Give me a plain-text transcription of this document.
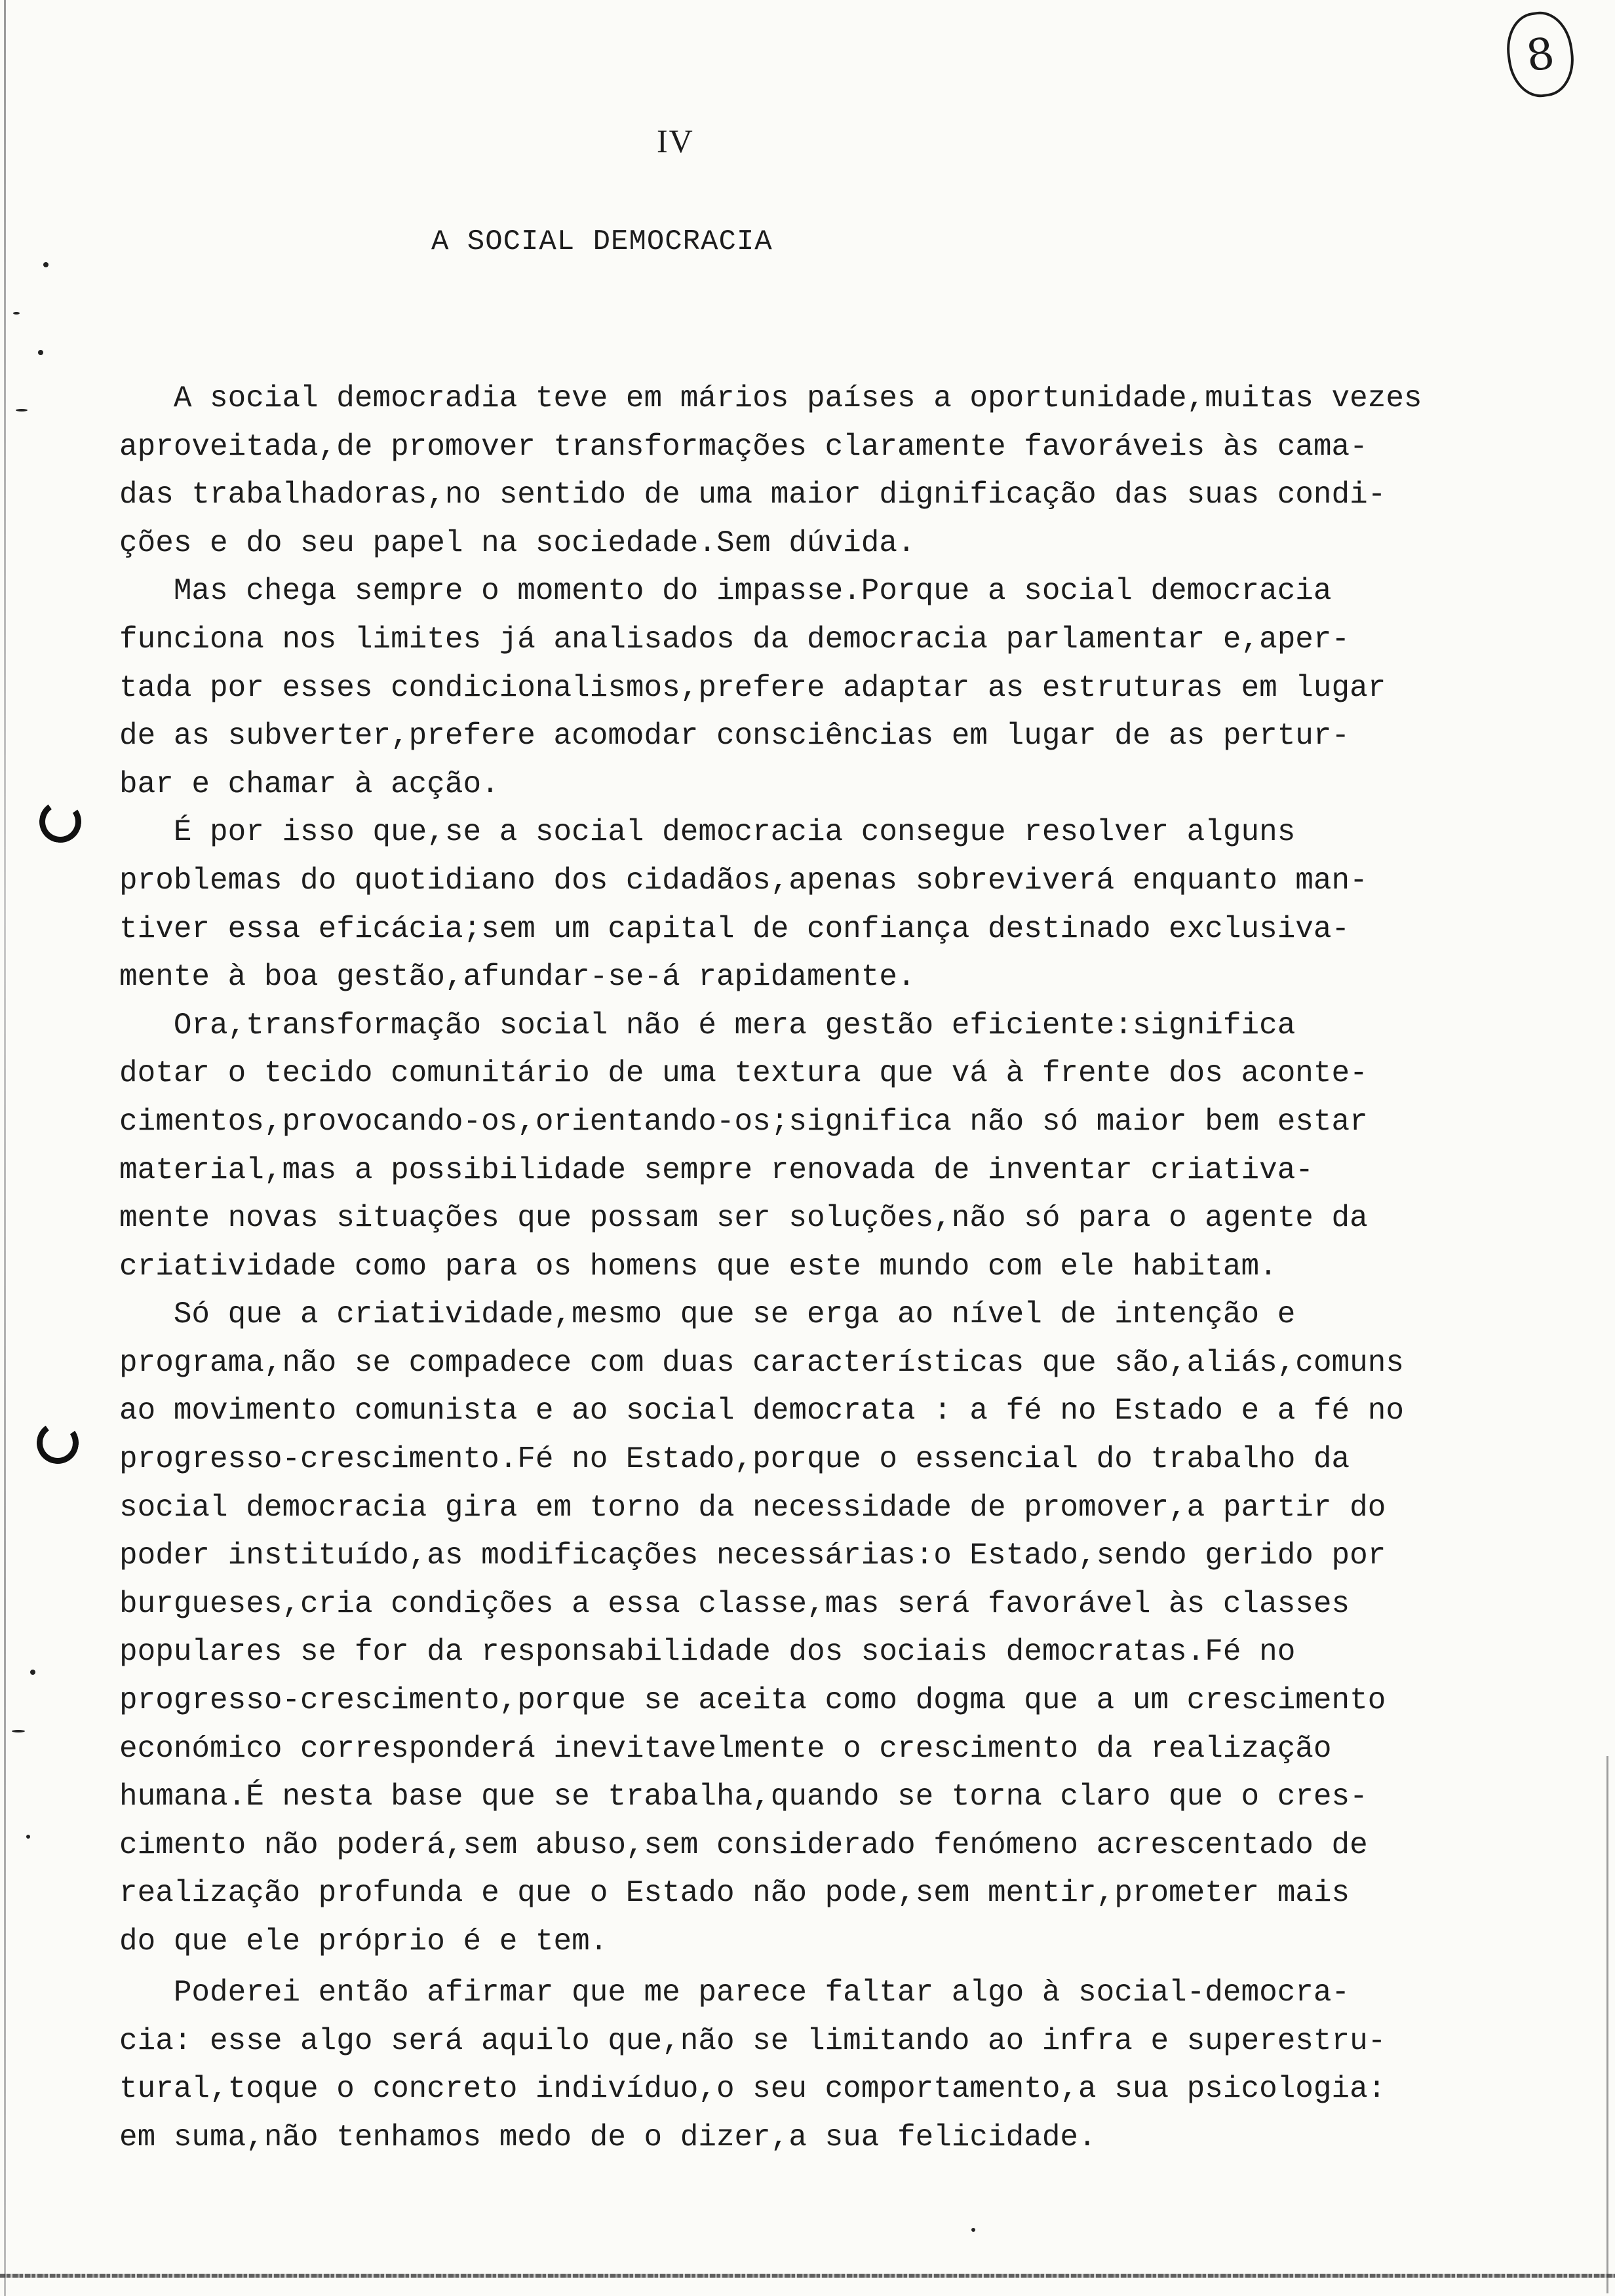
8
IV
A SOCIAL DEMOCRACIA
A social democradia teve em mários países a oportunidade,muitas vezes
aproveitada,de promover transformações claramente favoráveis às cama-
das trabalhadoras,no sentido de uma maior dignificação das suas condi-
ções e do seu papel na sociedade.Sem dúvida.
Mas chega sempre o momento do impasse.Porque a social democracia
funciona nos limites já analisados da democracia parlamentar e,aper-
tada por esses condicionalismos,prefere adaptar as estruturas em lugar
de as subverter,prefere acomodar consciências em lugar de as pertur-
bar e chamar à acção.
É por isso que,se a social democracia consegue resolver alguns
problemas do quotidiano dos cidadãos,apenas sobreviverá enquanto man-
tiver essa eficácia;sem um capital de confiança destinado exclusiva-
mente à boa gestão,afundar-se-á rapidamente.
Ora,transformação social não é mera gestão eficiente:significa
dotar o tecido comunitário de uma textura que vá à frente dos aconte-
cimentos,provocando-os,orientando-os;significa não só maior bem estar
material,mas a possibilidade sempre renovada de inventar criativa-
mente novas situações que possam ser soluções,não só para o agente da
criatividade como para os homens que este mundo com ele habitam.
Só que a criatividade,mesmo que se erga ao nível de intenção e
programa,não se compadece com duas características que são,aliás,comuns
ao movimento comunista e ao social democrata : a fé no Estado e a fé no
progresso-crescimento.Fé no Estado,porque o essencial do trabalho da
social democracia gira em torno da necessidade de promover,a partir do
poder instituído,as modificações necessárias:o Estado,sendo gerido por
burgueses,cria condições a essa classe,mas será favorável às classes
populares se for da responsabilidade dos sociais democratas.Fé no
progresso-crescimento,porque se aceita como dogma que a um crescimento
económico corresponderá inevitavelmente o crescimento da realização
humana.É nesta base que se trabalha,quando se torna claro que o cres-
cimento não poderá,sem abuso,sem considerado fenómeno acrescentado de
realização profunda e que o Estado não pode,sem mentir,prometer mais
do que ele próprio é e tem.
Poderei então afirmar que me parece faltar algo à social-democra-
cia: esse algo será aquilo que,não se limitando ao infra e superestru-
tural,toque o concreto indivíduo,o seu comportamento,a sua psicologia:
em suma,não tenhamos medo de o dizer,a sua felicidade.
